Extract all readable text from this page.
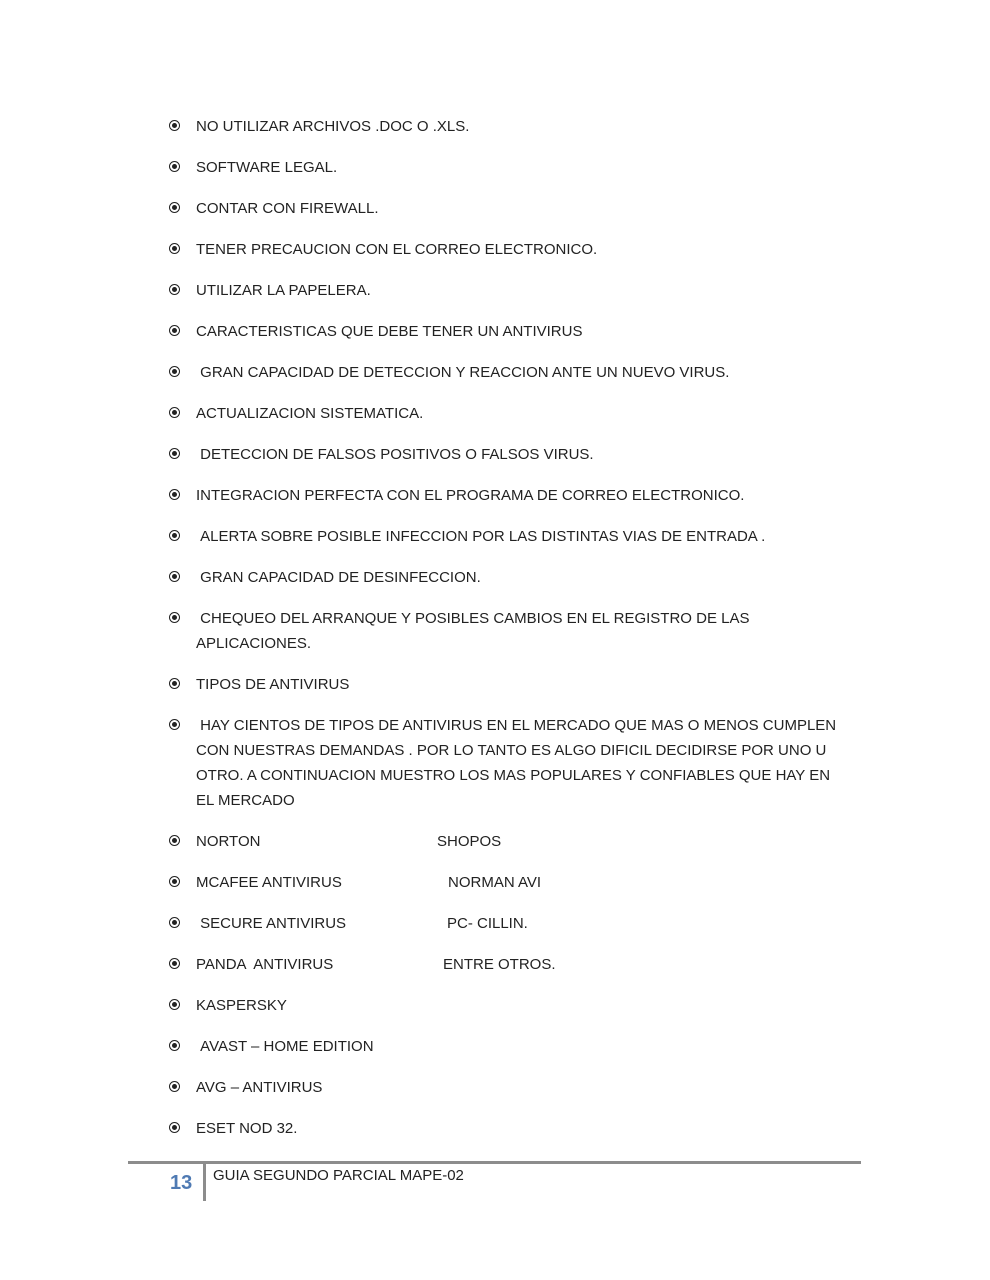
NO UTILIZAR ARCHIVOS .DOC O .XLS.
SOFTWARE LEGAL.
CONTAR CON FIREWALL.
TENER PRECAUCION CON EL CORREO ELECTRONICO.
UTILIZAR LA PAPELERA.
CARACTERISTICAS QUE DEBE TENER UN ANTIVIRUS
GRAN CAPACIDAD DE DETECCION Y REACCION ANTE UN NUEVO VIRUS.
ACTUALIZACION SISTEMATICA.
DETECCION DE FALSOS POSITIVOS O FALSOS VIRUS.
INTEGRACION PERFECTA CON EL PROGRAMA DE CORREO ELECTRONICO.
ALERTA SOBRE POSIBLE INFECCION POR LAS DISTINTAS VIAS DE ENTRADA .
GRAN CAPACIDAD DE DESINFECCION.
CHEQUEO DEL ARRANQUE Y POSIBLES CAMBIOS EN EL REGISTRO DE LAS APLICACIONES.
TIPOS DE ANTIVIRUS
HAY CIENTOS DE TIPOS DE ANTIVIRUS EN EL MERCADO QUE MAS O MENOS CUMPLEN CON NUESTRAS DEMANDAS . POR LO TANTO ES ALGO DIFICIL DECIDIRSE POR UNO U OTRO. A CONTINUACION MUESTRO LOS MAS POPULARES Y CONFIABLES QUE HAY EN EL MERCADO
NORTON	SHOPOS
MCAFEE ANTIVIRUS	NORMAN AVI
SECURE ANTIVIRUS	PC- CILLIN.
PANDA  ANTIVIRUS	ENTRE OTROS.
KASPERSKY
AVAST – HOME EDITION
AVG – ANTIVIRUS
ESET NOD 32.
13 GUIA SEGUNDO PARCIAL MAPE-02
